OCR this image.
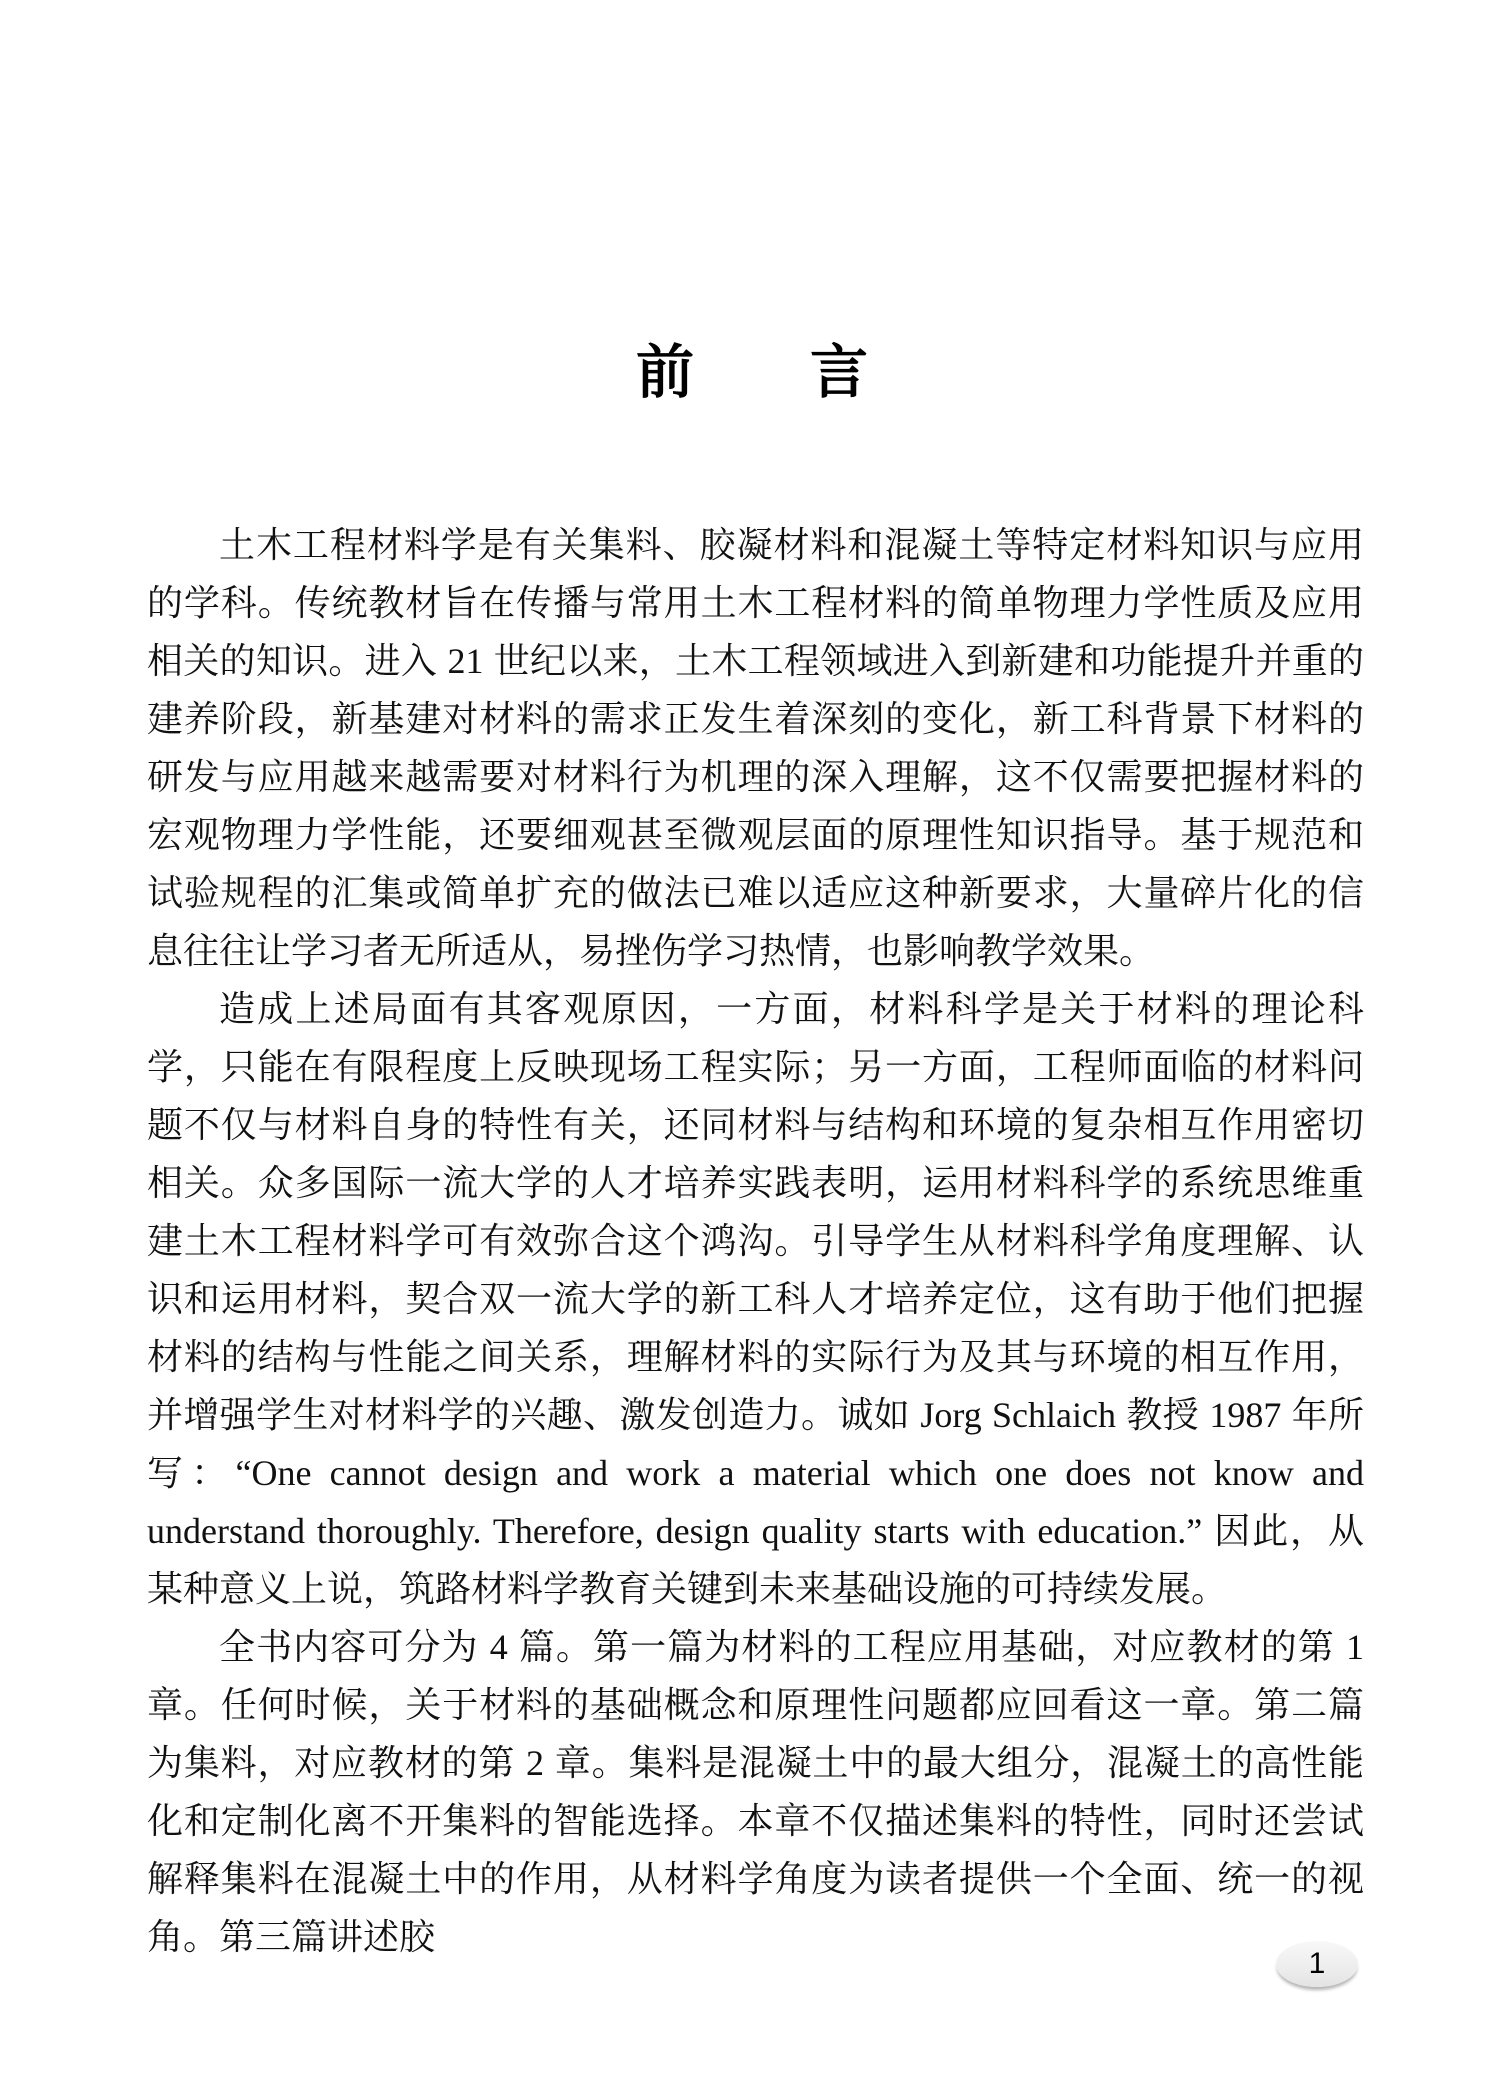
前　　言

土木工程材料学是有关集料、胶凝材料和混凝土等特定材料知识与应用的学科。传统教材旨在传播与常用土木工程材料的简单物理力学性质及应用相关的知识。进入 21 世纪以来，土木工程领域进入到新建和功能提升并重的建养阶段，新基建对材料的需求正发生着深刻的变化，新工科背景下材料的研发与应用越来越需要对材料行为机理的深入理解，这不仅需要把握材料的宏观物理力学性能，还要细观甚至微观层面的原理性知识指导。基于规范和试验规程的汇集或简单扩充的做法已难以适应这种新要求，大量碎片化的信息往往让学习者无所适从，易挫伤学习热情，也影响教学效果。

造成上述局面有其客观原因，一方面，材料科学是关于材料的理论科学，只能在有限程度上反映现场工程实际；另一方面，工程师面临的材料问题不仅与材料自身的特性有关，还同材料与结构和环境的复杂相互作用密切相关。众多国际一流大学的人才培养实践表明，运用材料科学的系统思维重建土木工程材料学可有效弥合这个鸿沟。引导学生从材料科学角度理解、认识和运用材料，契合双一流大学的新工科人才培养定位，这有助于他们把握材料的结构与性能之间关系，理解材料的实际行为及其与环境的相互作用，并增强学生对材料学的兴趣、激发创造力。诚如 Jorg Schlaich 教授 1987 年所写：“One cannot design and work a material which one does not know and understand thoroughly. Therefore, design quality starts with education.” 因此，从某种意义上说，筑路材料学教育关键到未来基础设施的可持续发展。

全书内容可分为 4 篇。第一篇为材料的工程应用基础，对应教材的第 1 章。任何时候，关于材料的基础概念和原理性问题都应回看这一章。第二篇为集料，对应教材的第 2 章。集料是混凝土中的最大组分，混凝土的高性能化和定制化离不开集料的智能选择。本章不仅描述集料的特性，同时还尝试解释集料在混凝土中的作用，从材料学角度为读者提供一个全面、统一的视角。第三篇讲述胶

1
